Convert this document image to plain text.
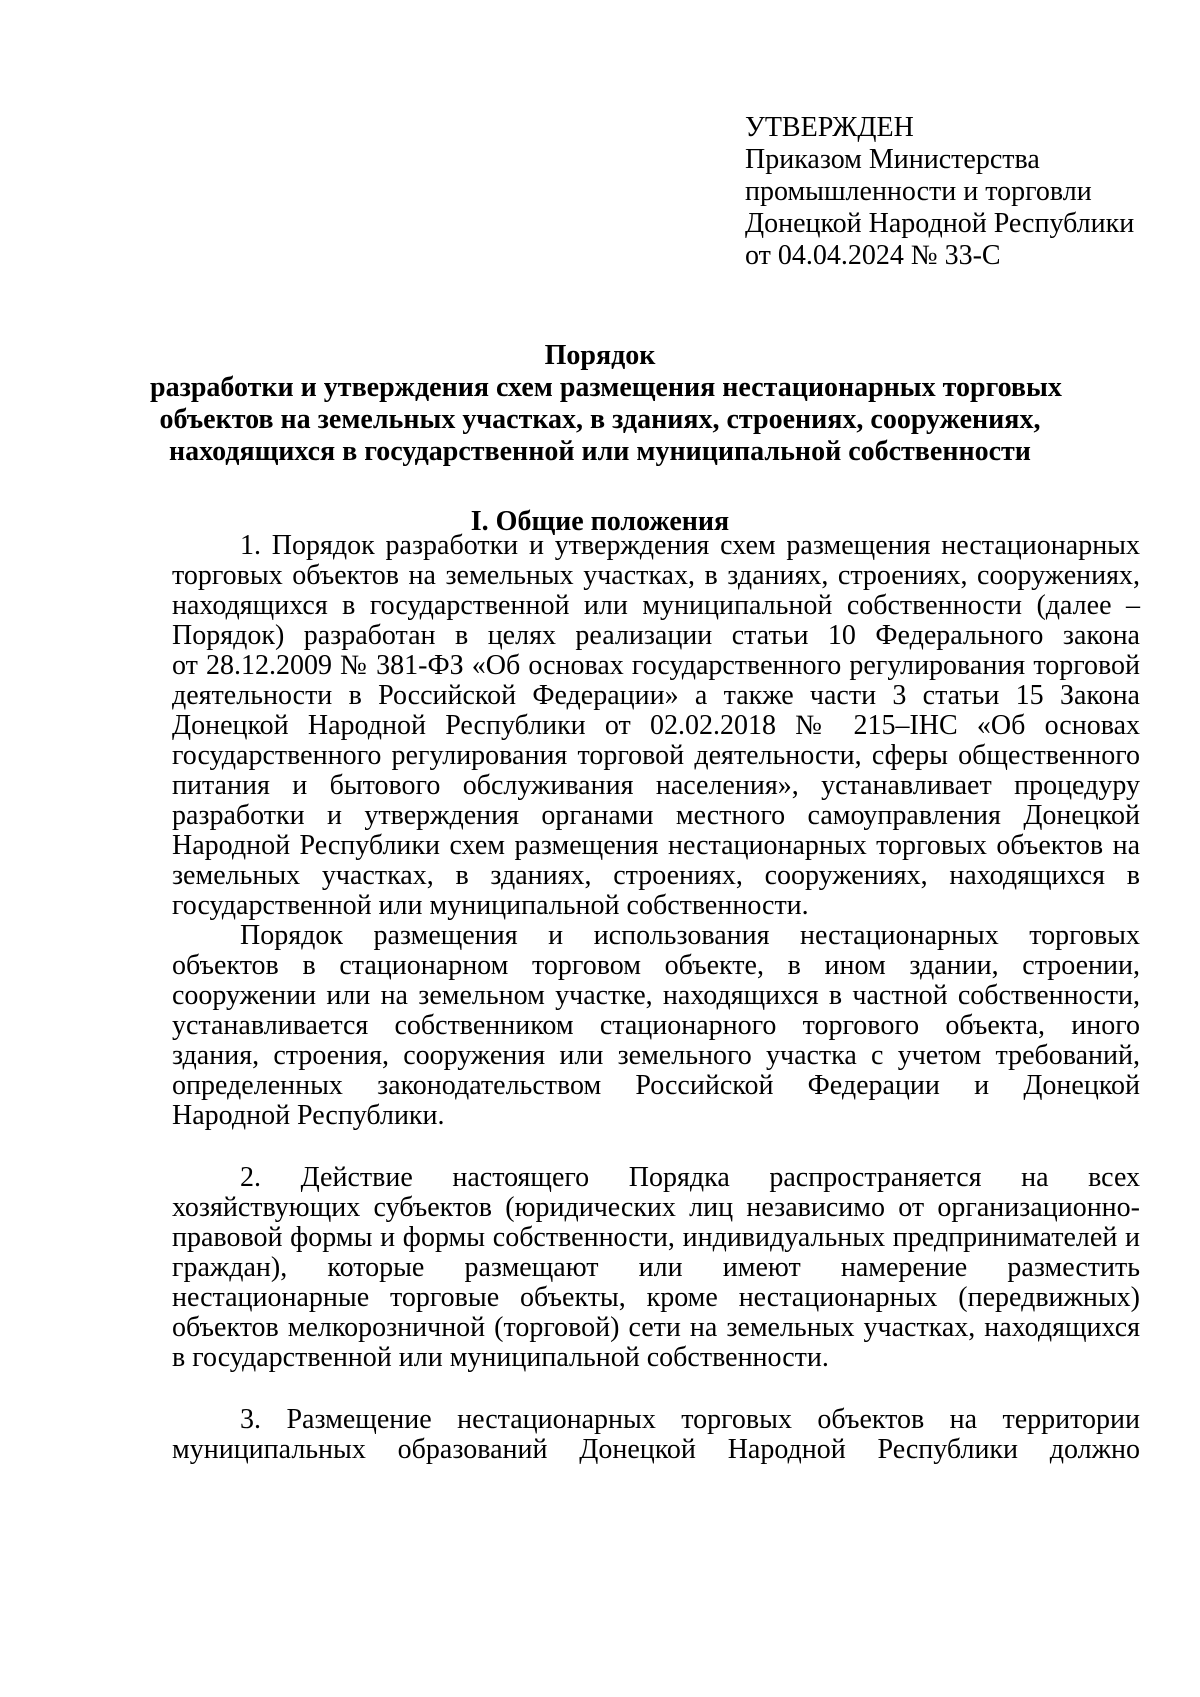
УТВЕРЖДЕН
Приказом Министерства
промышленности и торговли
Донецкой Народной Республики
от 04.04.2024 № 33-С
Порядок
разработки и утверждения схем размещения нестационарных торговых
объектов на земельных участках, в зданиях, строениях, сооружениях,
находящихся в государственной или муниципальной собственности
I. Общие положения
1. Порядок разработки и утверждения схем размещения нестационарных
торговых объектов на земельных участках, в зданиях, строениях, сооружениях,
находящихся в государственной или муниципальной собственности (далее –
Порядок) разработан в целях реализации статьи 10 Федерального закона
от 28.12.2009 № 381-ФЗ «Об основах государственного регулирования торговой
деятельности в Российской Федерации» а также части 3 статьи 15 Закона
Донецкой Народной Республики от 02.02.2018 № 215–IНС «Об основах
государственного регулирования торговой деятельности, сферы общественного
питания и бытового обслуживания населения», устанавливает процедуру
разработки и утверждения органами местного самоуправления Донецкой
Народной Республики схем размещения нестационарных торговых объектов на
земельных участках, в зданиях, строениях, сооружениях, находящихся в
государственной или муниципальной собственности.
Порядок размещения и использования нестационарных торговых
объектов в стационарном торговом объекте, в ином здании, строении,
сооружении или на земельном участке, находящихся в частной собственности,
устанавливается собственником стационарного торгового объекта, иного
здания, строения, сооружения или земельного участка с учетом требований,
определенных законодательством Российской Федерации и Донецкой
Народной Республики.
2. Действие настоящего Порядка распространяется на всех
хозяйствующих субъектов (юридических лиц независимо от организационно-
правовой формы и формы собственности, индивидуальных предпринимателей и
граждан), которые размещают или имеют намерение разместить
нестационарные торговые объекты, кроме нестационарных (передвижных)
объектов мелкорозничной (торговой) сети на земельных участках, находящихся
в государственной или муниципальной собственности.
3. Размещение нестационарных торговых объектов на территории
муниципальных образований Донецкой Народной Республики должно
